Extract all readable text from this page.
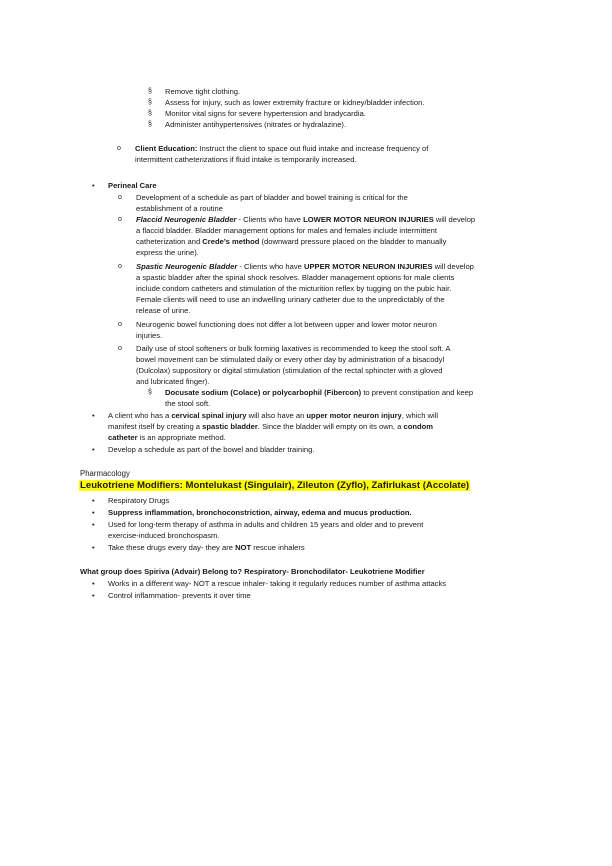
§ Remove tight clothing.
§ Assess for injury, such as lower extremity fracture or kidney/bladder infection.
§ Monitor vital signs for severe hypertension and bradycardia.
§ Administer antihypertensives (nitrates or hydralazine).
o Client Education: Instruct the client to space out fluid intake and increase frequency of
intermittent catheterizations if fluid intake is temporarily increased.
• Perineal Care
o Development of a schedule as part of bladder and bowel training is critical for the
establishment of a routine
o Flaccid Neurogenic Bladder - Clients who have LOWER MOTOR NEURON INJURIES will develop
a flaccid bladder. Bladder management options for males and females include intermittent
catheterization and Crede’s method (downward pressure placed on the bladder to manually
express the urine).
o Spastic Neurogenic Bladder - Clients who have UPPER MOTOR NEURON INJURIES will develop
a spastic bladder after the spinal shock resolves. Bladder management options for male clients
include condom catheters and stimulation of the micturition reflex by tugging on the pubic hair.
Female clients will need to use an indwelling urinary catheter due to the unpredictably of the
release of urine.
o Neurogenic bowel functioning does not differ a lot between upper and lower motor neuron
injuries.
o Daily use of stool softeners or bulk forming laxatives is recommended to keep the stool soft. A
bowel movement can be stimulated daily or every other day by administration of a bisacodyl
(Dulcolax) suppository or digital stimulation (stimulation of the rectal sphincter with a gloved
and lubricated finger).
§ Docusate sodium (Colace) or polycarbophil (Fibercon) to prevent constipation and keep
the stool soft.
• A client who has a cervical spinal injury will also have an upper motor neuron injury, which will
manifest itself by creating a spastic bladder. Since the bladder will empty on its own, a condom
catheter is an appropriate method.
• Develop a schedule as part of the bowel and bladder training.
Pharmacology
Leukotriene Modifiers: Montelukast (Singulair), Zileuton (Zyflo), Zafirlukast (Accolate)
• Respiratory Drugs
• Suppress inflammation, bronchoconstriction, airway, edema and mucus production.
• Used for long-term therapy of asthma in adults and children 15 years and older and to prevent
exercise-induced bronchospasm.
• Take these drugs every day- they are NOT rescue inhalers
What group does Spiriva (Advair) Belong to? Respiratory- Bronchodilator- Leukotriene Modifier
• Works in a different way- NOT a rescue inhaler- taking it regularly reduces number of asthma attacks
• Control inflammation- prevents it over time
